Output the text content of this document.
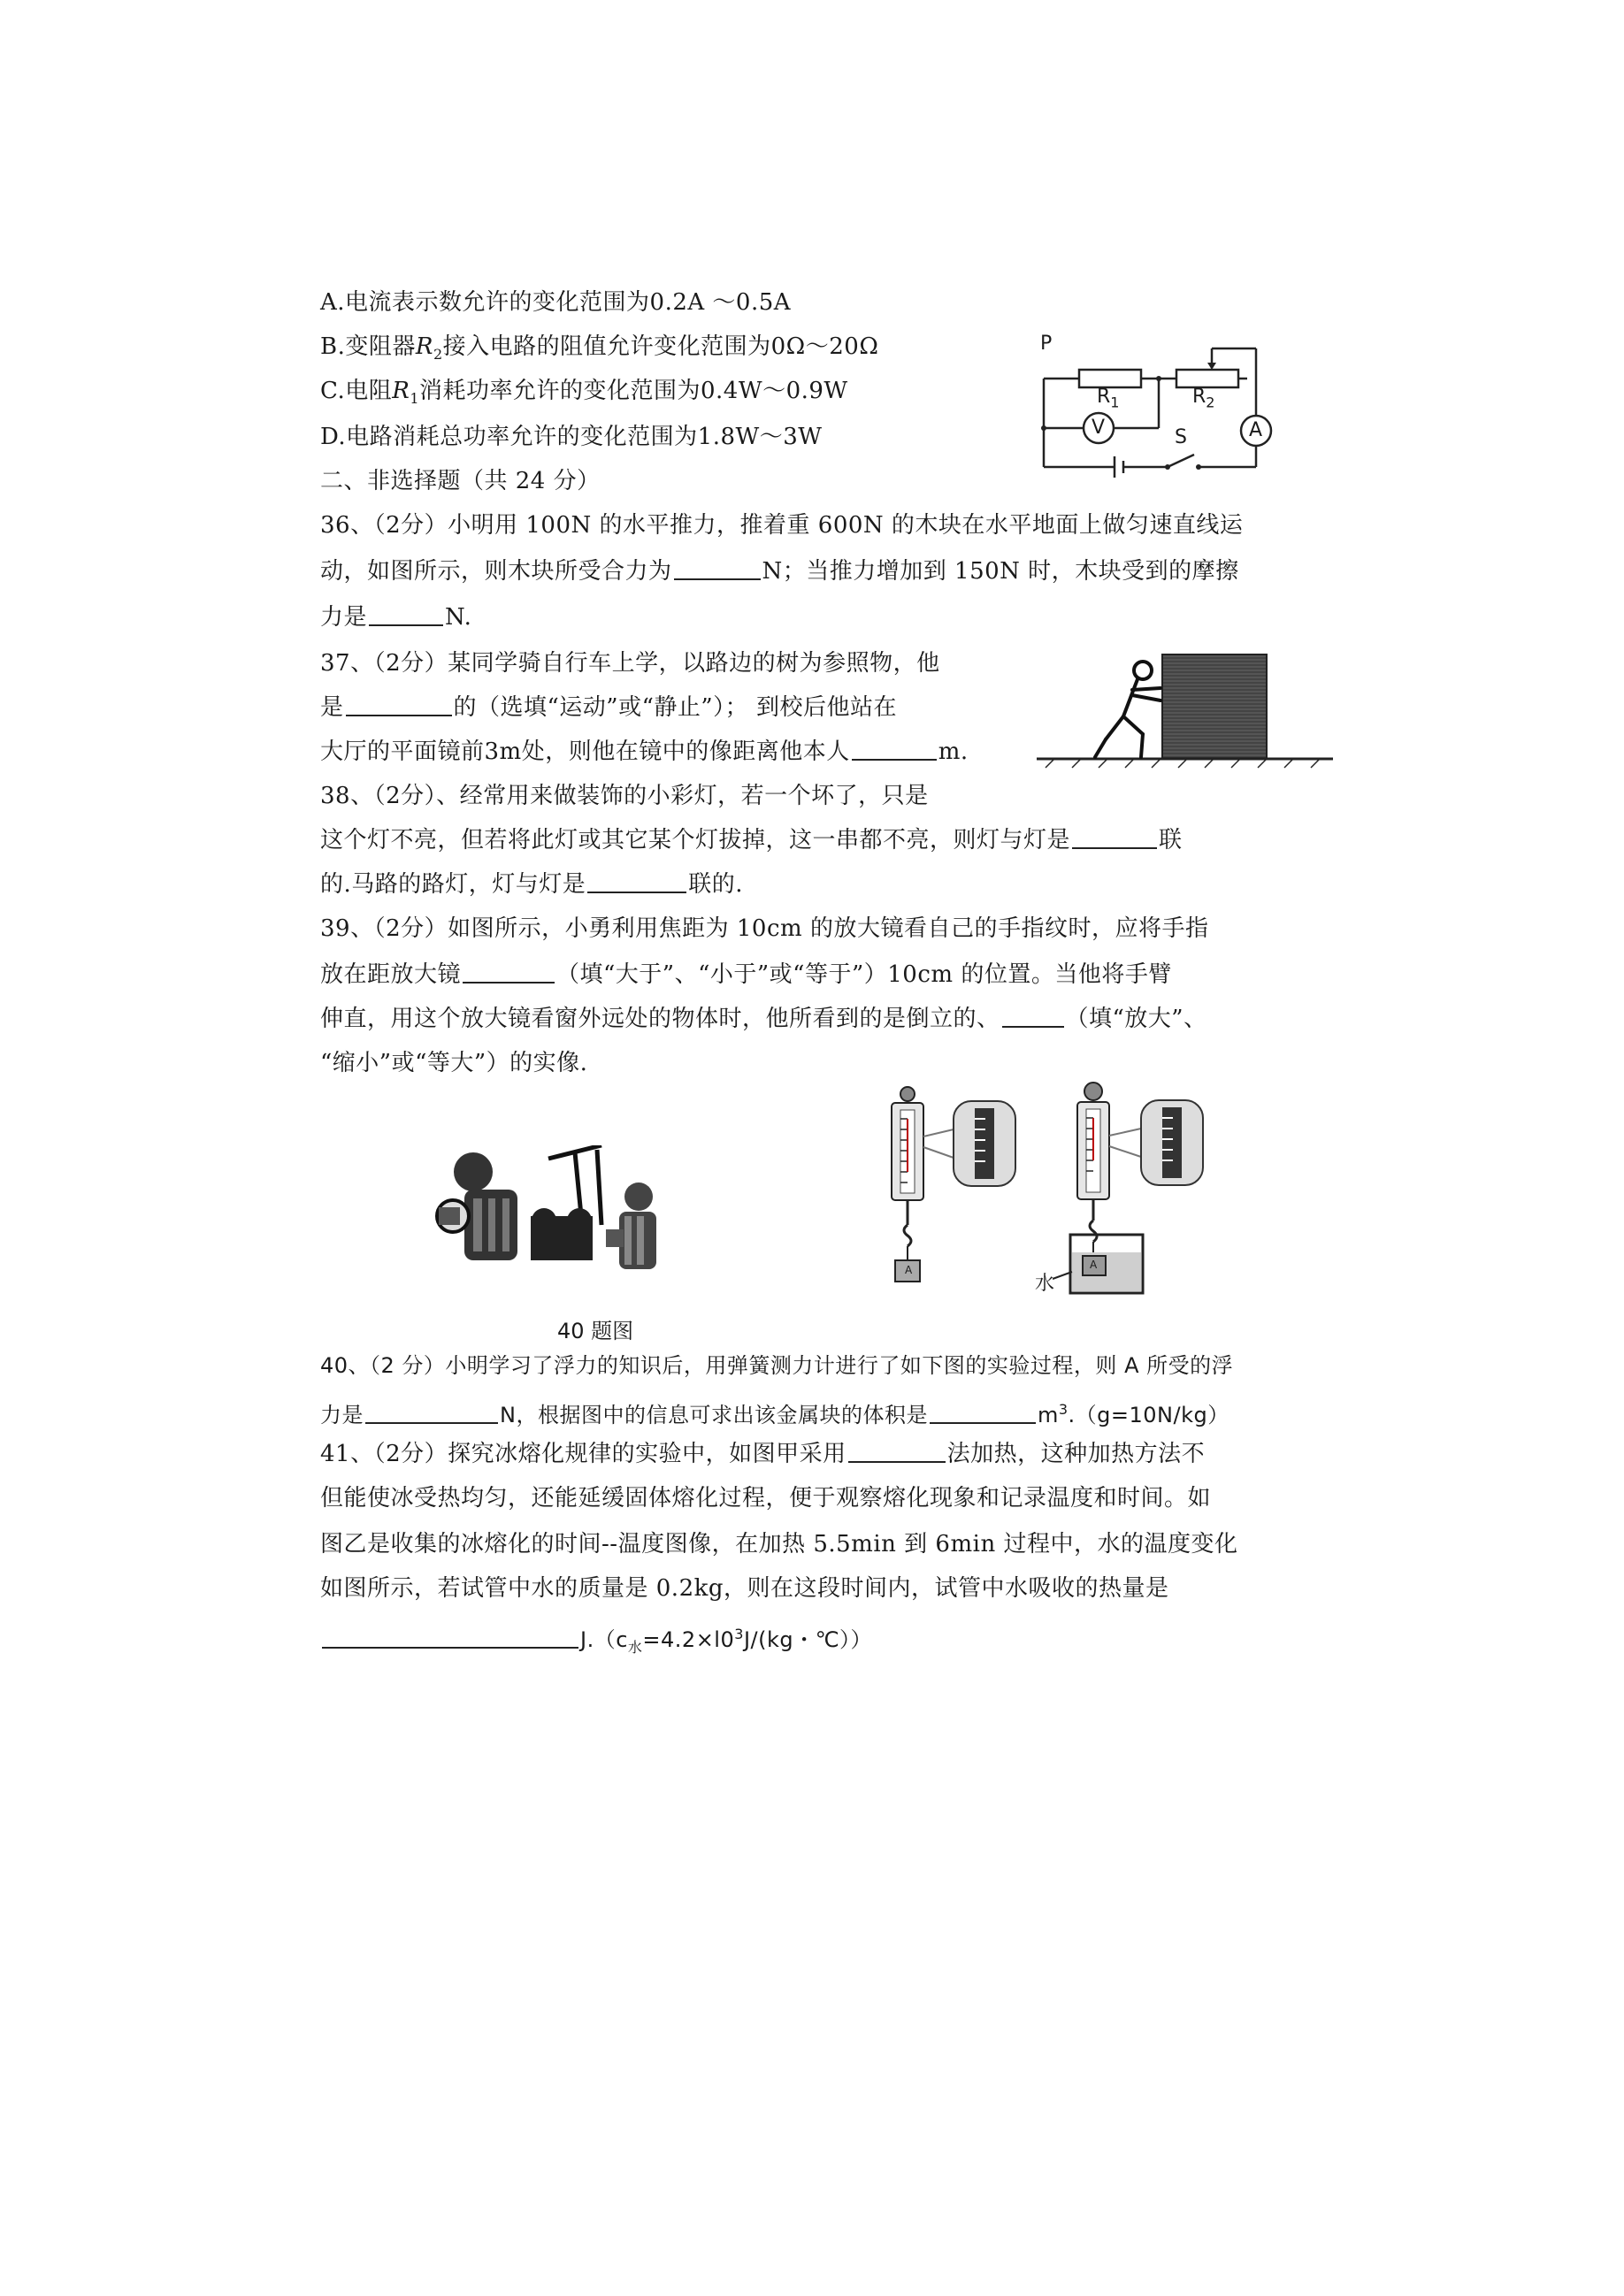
A.电流表示数允许的变化范围为0.2A ～0.5A
B.变阻器$R_2$接入电路的阻值允许变化范围为0Ω～20Ω
C.电阻$R_1$消耗功率允许的变化范围为0.4W～0.9W
D.电路消耗总功率允许的变化范围为1.8W～3W
P
$R_1$	$R_2$
V	A
S
二、非选择题（共 24 分）
36、（2分）小明用 100N 的水平推力，推着重 600N 的木块在水平地面上做匀速直线运
动，如图所示，则木块所受合力为	N；当推力增加到 150N 时，木块受到的摩擦
力是	N.
37、（2分）某同学骑自行车上学，以路边的树为参照物，他
是	的（选填“运动”或“静止”）； 到校后他站在
大厅的平面镜前3m处，则他在镜中的像距离他本人	m.
38、（2分）、经常用来做装饰的小彩灯，若一个坏了，只是
这个灯不亮，但若将此灯或其它某个灯拔掉，这一串都不亮，则灯与灯是	联
的.马路的路灯，灯与灯是	联的.
39、（2分）如图所示，小勇利用焦距为 10cm 的放大镜看自己的手指纹时，应将手指
放在距放大镜	（填“大于”、“小于”或“等于”）10cm 的位置。当他将手臂
伸直，用这个放大镜看窗外远处的物体时，他所看到的是倒立的、	（填“放大”、
“缩小”或“等大”）的实像.
40 题图
A	A
水
40、（2 分）小明学习了浮力的知识后，用弹簧测力计进行了如下图的实验过程，则 A 所受的浮
力是	N，根据图中的信息可求出该金属块的体积是	$m^3.(g=10N/kg)$
41、（2分）探究冰熔化规律的实验中，如图甲采用	法加热，这种加热方法不
但能使冰受热均匀，还能延缓固体熔化过程，便于观察熔化现象和记录温度和时间。如
图乙是收集的冰熔化的时间--温度图像，在加热 5.5min 到 6min 过程中，水的温度变化
如图所示，若试管中水的质量是 0.2kg，则在这段时间内，试管中水吸收的热量是
$J.(c_水=4.2\times l0^3J/(kg$・℃））
